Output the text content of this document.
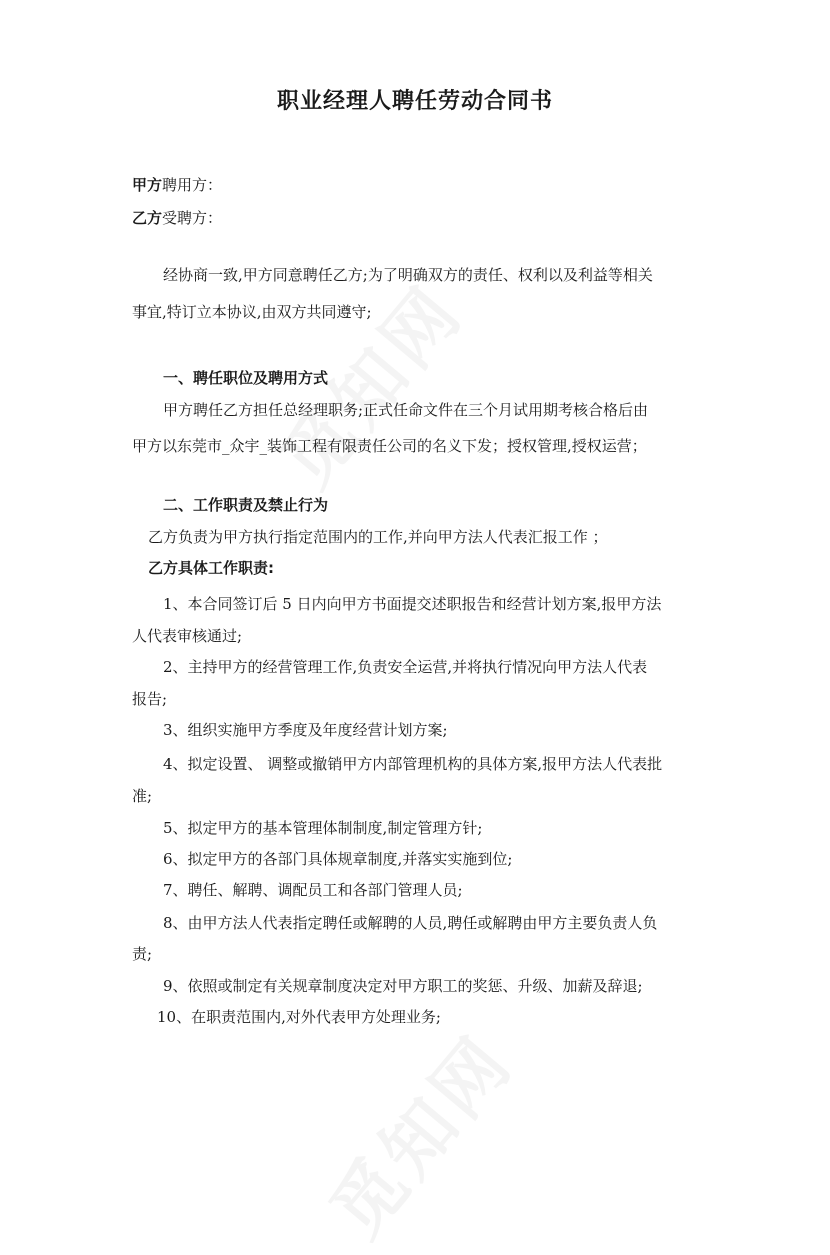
职业经理人聘任劳动合同书
甲方聘用方：
乙方受聘方：
经协商一致,甲方同意聘任乙方;为了明确双方的责任、权利以及利益等相关
事宜,特订立本协议,由双方共同遵守;
一、聘任职位及聘用方式
甲方聘任乙方担任总经理职务;正式任命文件在三个月试用期考核合格后由
甲方以东莞市_众宇_装饰工程有限责任公司的名义下发；授权管理,授权运营；
二、工作职责及禁止行为
乙方负责为甲方执行指定范围内的工作,并向甲方法人代表汇报工作 ；
乙方具体工作职责:
1、本合同签订后 5 日内向甲方书面提交述职报告和经营计划方案,报甲方法
人代表审核通过;
2、主持甲方的经营管理工作,负责安全运营,并将执行情况向甲方法人代表
报告;
3、组织实施甲方季度及年度经营计划方案;
4、拟定设置、 调整或撤销甲方内部管理机构的具体方案,报甲方法人代表批
准;
5、拟定甲方的基本管理体制制度,制定管理方针;
6、拟定甲方的各部门具体规章制度,并落实实施到位;
7、聘任、解聘、调配员工和各部门管理人员;
8、由甲方法人代表指定聘任或解聘的人员,聘任或解聘由甲方主要负责人负
责;
9、依照或制定有关规章制度决定对甲方职工的奖惩、升级、加薪及辞退;
10、在职责范围内,对外代表甲方处理业务;
